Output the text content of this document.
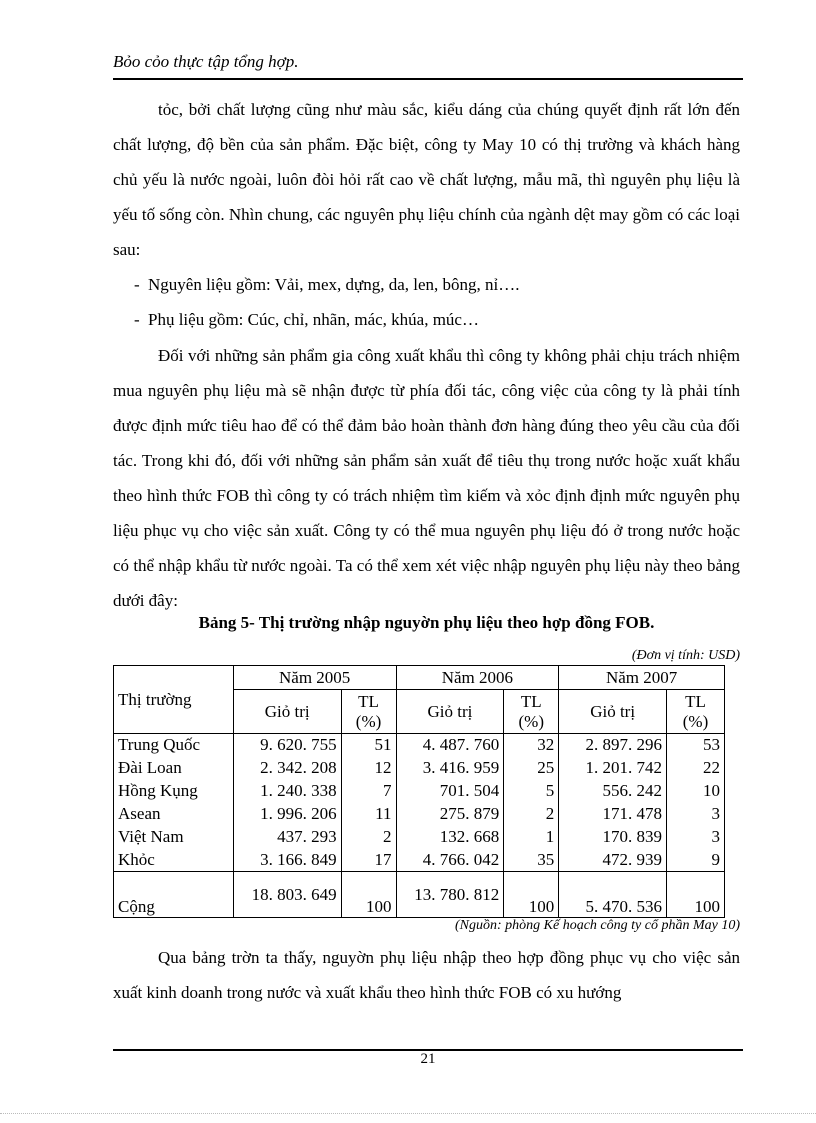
Bỏo cỏo thực tập tổng hợp.

tỏc, bởi chất lượng cũng như màu sắc, kiểu dáng của chúng quyết định rất lớn đến chất lượng, độ bền của sản phẩm. Đặc biệt, công ty May 10 có thị trường và khách hàng chủ yếu là nước ngoài, luôn đòi hỏi rất cao về chất lượng, mẫu mã, thì nguyên phụ liệu là yếu tố sống còn. Nhìn chung, các nguyên phụ liệu chính của ngành dệt may gồm có các loại sau:

- Nguyên liệu gồm: Vải, mex, dựng, da, len, bông, nỉ….
- Phụ liệu gồm: Cúc, chỉ, nhãn, mác, khúa, múc…

Đối với những sản phẩm gia công xuất khẩu thì công ty không phải chịu trách nhiệm mua nguyên phụ liệu mà sẽ nhận được từ phía đối tác, công việc của công ty là phải tính được định mức tiêu hao để có thể đảm bảo hoàn thành đơn hàng đúng theo yêu cầu của đối tác. Trong khi đó, đối với những sản phẩm sản xuất để tiêu thụ trong nước hoặc xuất khẩu theo hình thức FOB thì công ty có trách nhiệm tìm kiếm và xỏc định định mức nguyên phụ liệu phục vụ cho việc sản xuất. Công ty có thể mua nguyên phụ liệu đó ở trong nước hoặc có thể nhập khẩu từ nước ngoài. Ta có thể xem xét việc nhập nguyên phụ liệu này theo bảng dưới đây:

Bảng 5- Thị trường nhập nguyờn phụ liệu theo hợp đồng FOB.
(Đơn vị tính: USD)
Thị trường	Năm 2005		Năm 2006		Năm 2007	
	Giỏ trị	TL (%)	Giỏ trị	TL (%)	Giỏ trị	TL (%)
Trung Quốc	9. 620. 755	51	4. 487. 760	32	2. 897. 296	53
Đài Loan	2. 342. 208	12	3. 416. 959	25	1. 201. 742	22
Hồng Kụng	1. 240. 338	7	701. 504	5	556. 242	10
Asean	1. 996. 206	11	275. 879	2	171. 478	3
Việt Nam	437. 293	2	132. 668	1	170. 839	3
Khỏc	3. 166. 849	17	4. 766. 042	35	472. 939	9
Cộng	18. 803. 649	100	13. 780. 812	100	5. 470. 536	100
(Nguồn: phòng Kế hoạch công ty cổ phần May 10)

Qua bảng trờn ta thấy, nguyờn phụ liệu nhập theo hợp đồng phục vụ cho việc sản xuất kinh doanh trong nước và xuất khẩu theo hình thức FOB có xu hướng

21
